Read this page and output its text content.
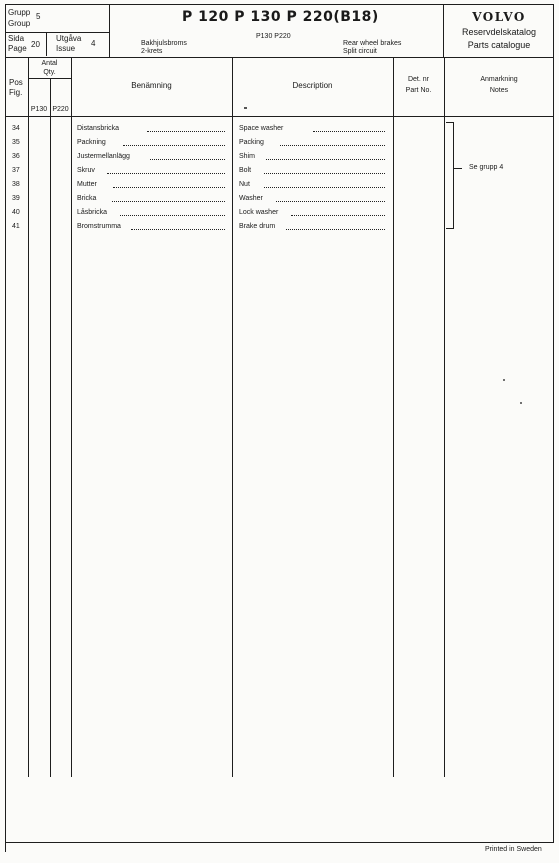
Grupp
Group
5
Sida
Page 20
Utgåva
Issue
4
P 120 P 130 P 220(B18)
P130 P220
Bakhjulsbroms
2-krets
Rear wheel brakes
Split circuit
VOLVO
Reservdelskatalog
Parts catalogue
Pos
Fig.
Antal
Qty.
P130 P220
Benämning	Description
Det. nr
Part No.
Anmarkning
Notes
34	Distansbricka	Space washer
35	Packning	Packing
36	Justermellanlägg	Shim
37	Skruv	Bolt
38	Mutter	Nut
39	Bricka	Washer
40	Låsbricka	Lock washer
41	Bromstrumma	Brake drum
Se grupp 4
Printed in Sweden
